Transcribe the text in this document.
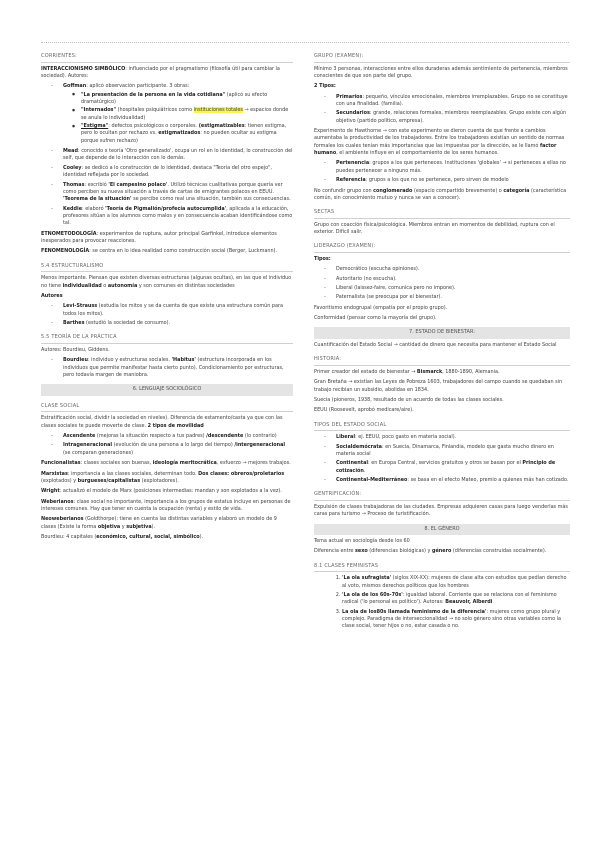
CORRIENTES:

INTERACCIONISMO SIMBÓLICO: influenciado por el pragmatismo (filosofía útil para cambiar la sociedad). Autores:

- Goffman: aplicó observación participante. 3 obras:
● "La presentación de la persona en la vida cotidiana" (aplicó su efecto dramatúrgico)
● "Internados" (hospitales psiquiátricos como instituciones totales → espacios donde se anula lo individualidad)
● "Estigma": defectos psicológicos o corporales. (estigmatizables: tienen estigma, pero lo ocultan por rechazo vs. estigmatizados: no pueden ocultar su estigma porque sufren rechazo)
- Mead: conocido x teoría 'Otro generalizado', ocupa un rol en lo identidad, lo construcción del self, que depende de lo interacción con lo demás.
- Cooley: se dedicó a lo construcción de lo identidad, destaca "Teoría del otro espejo", identidad reflejada por lo sociedad.
- Thomas: escribió 'El campesino polaco'. Utilizó técnicas cualitativas porque quería ver como perciben su nueva situación a través de cartas de emigrantes polacos en EEUU. 'Teorema de la situación' se percibe como real una situación, también sus consecuencias.
- Keddie: elaboró 'Teoría de Pigmalión/profecía autocumplida', aplicada a la educación, profesores sitúan a los alumnos como malos y en consecuencia acaban identificándose como tal.

ETNOMETODOLOGÍA: experimentos de ruptura, autor principal Garfinkel, introduce elementos inesperados para provocar reacciones.

FENOMENOLOGÍA: se centra en lo idea realidad como construcción social (Berger, Luckmann).

5.4 ESTRUCTURALISMO

Menos importante. Piensan que existen diversas estructuras (algunas ocultas), en las que el individuo no tiene individualidad o autonomía y son comunes en distintas sociedades

Autores

- Levi-Strauss (estudia los mitos y se da cuenta de que existe una estructura común para todos los mitos).
- Barthes (estudió la sociedad de consumo).
5.5 TEORÍA DE LA PRÁCTICA

Autores: Bourdieu, Giddens.

- Bourdieu: individuo y estructuras sociales. 'Habitus' (estructura incorporada en los individuos que permite manifestar hasta cierto punto). Condicionamiento por estructuras, pero todavía margen de maniobra.
6. LENGUAJE SOCIOLÓGICO
CLASE SOCIAL

Estratificación social, dividir la sociedad en niveles). Diferencia de estamento/casta ya que con las clases sociales te puede moverte de clase. 2 tipos de movilidad

- Ascendente (mejoras la situación respecto a tus padres) /descendente (lo contrario)
- Intrageneracional (evolución de una persona a lo largo del tiempo) /intergeneracional (se comparan generaciones)

Funcionalistas: clases sociales son buenas, ideología meritocrática, esfuerzo → mejores trabajos.

Marxistas: importancia a las clases sociales, determinan todo. Dos clases: obreros/proletarios (explotados) y burgueses/capitalistas (explotadores).

Wright: actualizó el modelo de Marx (posiciones intermedias: mandan y son explotados a la vez).

Weberianos: clase social no importante, importancia a los grupos de estatus incluye en personas de intereses comunes. Hay que tener en cuenta la ocupación (renta) y estilo de vida.

Neoweberianos (Goldthorpe): tiene en cuenta las distintas variables y elaboró un modelo de 9 clases (Existe la forma objetiva y subjetiva).

Bourdieu: 4 capitales (económico, cultural, social, simbólico).

GRUPO (EXAMEN):

Mínimo 3 personas, interacciones entre ellos duraderas además sentimiento de pertenencia, miembros conscientes de que son parte del grupo.

2 Tipos:

- Primarios: pequeño, vínculos emocionales, miembros irremplazables. Grupo no se constituye con una finalidad. (familia).
- Secundarios: grande, relaciones formales, miembros reemplazables. Grupo existe con algún objetivo (partido político, empresa).

Experimento de Hawthorne → con este experimento se dieron cuenta de que frente a cambios aumentaba la productividad de los trabajadores. Entre los trabajadores existían un sentido de normas formales los cuales tenían más importancias que las impuestas por la dirección, se le llamó factor humano, el ambiente influye en el comportamiento de los seres humanos.

- Pertenencia: grupos a los que perteneces. Instituciones 'globales' → si perteneces a ellas no puedes pertenecer a ninguno más.
- Referencia: grupos a los que no se pertenece, pero sirven de modelo

No confundir grupo con conglomerado (espacio compartido brevemente) o categoría (característica común, sin conocimiento mutuo y nunca se van a conocer).

SECTAS

Grupo con coacción física/psicológica. Miembros entran en momentos de debilidad, ruptura con el exterior. Difícil salir.

LIDERAZGO (EXAMEN):

Tipos:

- Democrático (escucha opiniones).
- Autoritario (no escucha).
- Liberal (laissez-faire, comunica pero no impone).
- Paternalista (se preocupa por el bienestar).

Favoritismo endogrupal (empatía por el propio grupo).

Conformidad (pensar como la mayoría del grupo).

7. ESTADO DE BIENESTAR:

Cuantificación del Estado Social → cantidad de dinero que necesita para mantener el Estado Social

HISTORIA:

Primer creador del estado de bienestar → Bismarck, 1880-1890, Alemania.

Gran Bretaña → existían las Leyes de Pobreza 1603, trabajadores del campo cuando se quedaban sin trabajo recibían un subsidio, abolidas en 1834.

Suecia (pioneros, 1938, resultado de un acuerdo de todas las clases sociales.

EEUU (Roosevelt, aprobó medicare/aire).

TIPOS DEL ESTADO SOCIAL
- Liberal: ej. EEUU, poco gasto en materia social).
- Socialdemócrata: en Suecia, Dinamarca, Finlandia, modelo que gasta mucho dinero en materia social
- Continental: en Europa Central, servicios gratuitos y otros se basan por el Principio de cotización.
- Continental-Mediterráneo: se basa en el efecto Mateo, premio a quienes más han cotizado.
GENTRIFICACIÓN:

Expulsión de clases trabajadoras de las ciudades. Empresas adquieren casas para luego venderlas más caras para turismo → Proceso de turistificación.

8. EL GÉNERO

Tema actual en sociología desde los 60

Diferencia entre sexo (diferencias biológicas) y género (diferencias construidas socialmente).

8.1 CLASES FEMINISTAS
1. 'La ola sufragista' (siglos XIX-XX): mujeres de clase alta con estudios que pedían derecho al voto, mismos derechos políticos que los hombres
2. 'La ola de los 60s-70s': igualdad laboral. Corriente que se relaciona con el feminismo radical ('lo personal es político'). Autoras: Beauvoir, Alberdi
3. La ola de los80s llamada feminismo de la diferencia': mujeres como grupo plural y complejo. Paradigma de interseccionalidad → no solo género sino otras variables como la clase social, tener hijos o no, estar casada o no.
